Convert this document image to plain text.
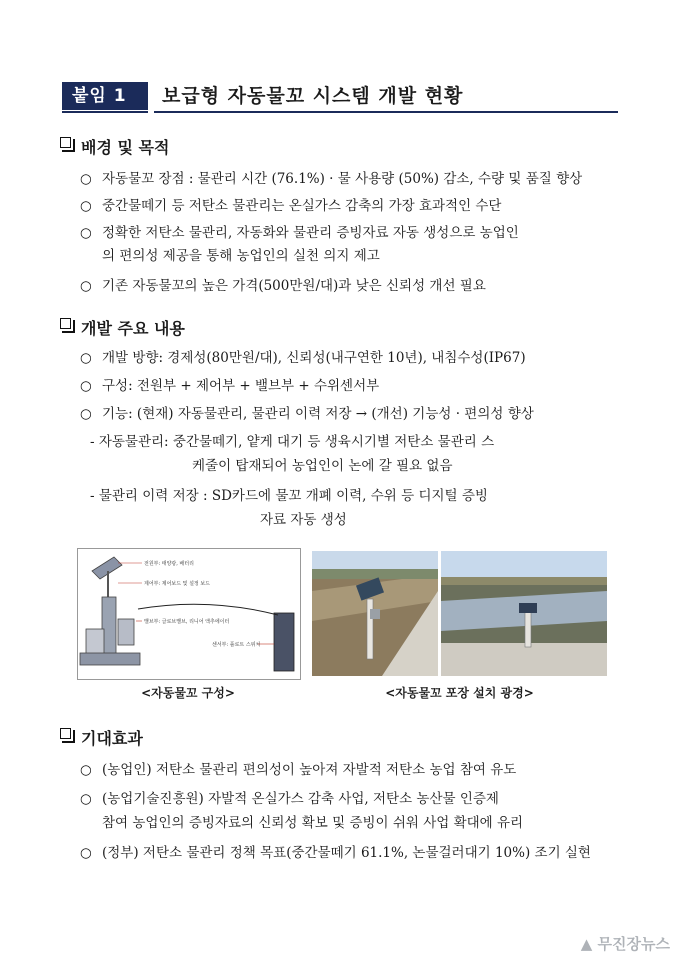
붙임 1	보급형 자동물꼬 시스템 개발 현황
배경 및 목적
○ 자동물꼬 장점 : 물관리 시간 (76.1%) · 물 사용량 (50%) 감소, 수량 및 품질 향상
○ 중간물떼기 등 저탄소 물관리는 온실가스 감축의 가장 효과적인 수단
○ 정확한 저탄소 물관리, 자동화와 물관리 증빙자료 자동 생성으로 농업인
의 편의성 제공을 통해 농업인의 실천 의지 제고
○ 기존 자동물꼬의 높은 가격(500만원/대)과 낮은 신뢰성 개선 필요
개발 주요 내용
○ 개발 방향: 경제성(80만원/대), 신뢰성(내구연한 10년), 내침수성(IP67)
○ 구성: 전원부 + 제어부 + 밸브부 + 수위센서부
○ 기능: (현재) 자동물관리, 물관리 이력 저장 → (개선) 기능성 · 편의성 향상
- 자동물관리: 중간물떼기, 얕게 대기 등 생육시기별 저탄소 물관리 스
케줄이 탑재되어 농업인이 논에 갈 필요 없음
- 물관리 이력 저장 : SD카드에 물꼬 개폐 이력, 수위 등 디지털 증빙
자료 자동 생성
전원부: 태양광, 배터리
제어부: 제어보드 및 설정 보드
밸브부: 글로브밸브, 리니어 액추에이터
센서부: 플로트 스위치
<자동물꼬 구성>	<자동물꼬 포장 설치 광경>
기대효과
○ (농업인) 저탄소 물관리 편의성이 높아져 자발적 저탄소 농업 참여 유도
○ (농업기술진흥원) 자발적 온실가스 감축 사업, 저탄소 농산물 인증제
참여 농업인의 증빙자료의 신뢰성 확보 및 증빙이 쉬워 사업 확대에 유리
○ (정부) 저탄소 물관리 정책 목표(중간물떼기 61.1%, 논물걸러대기 10%) 조기 실현
▲ 무진장뉴스
